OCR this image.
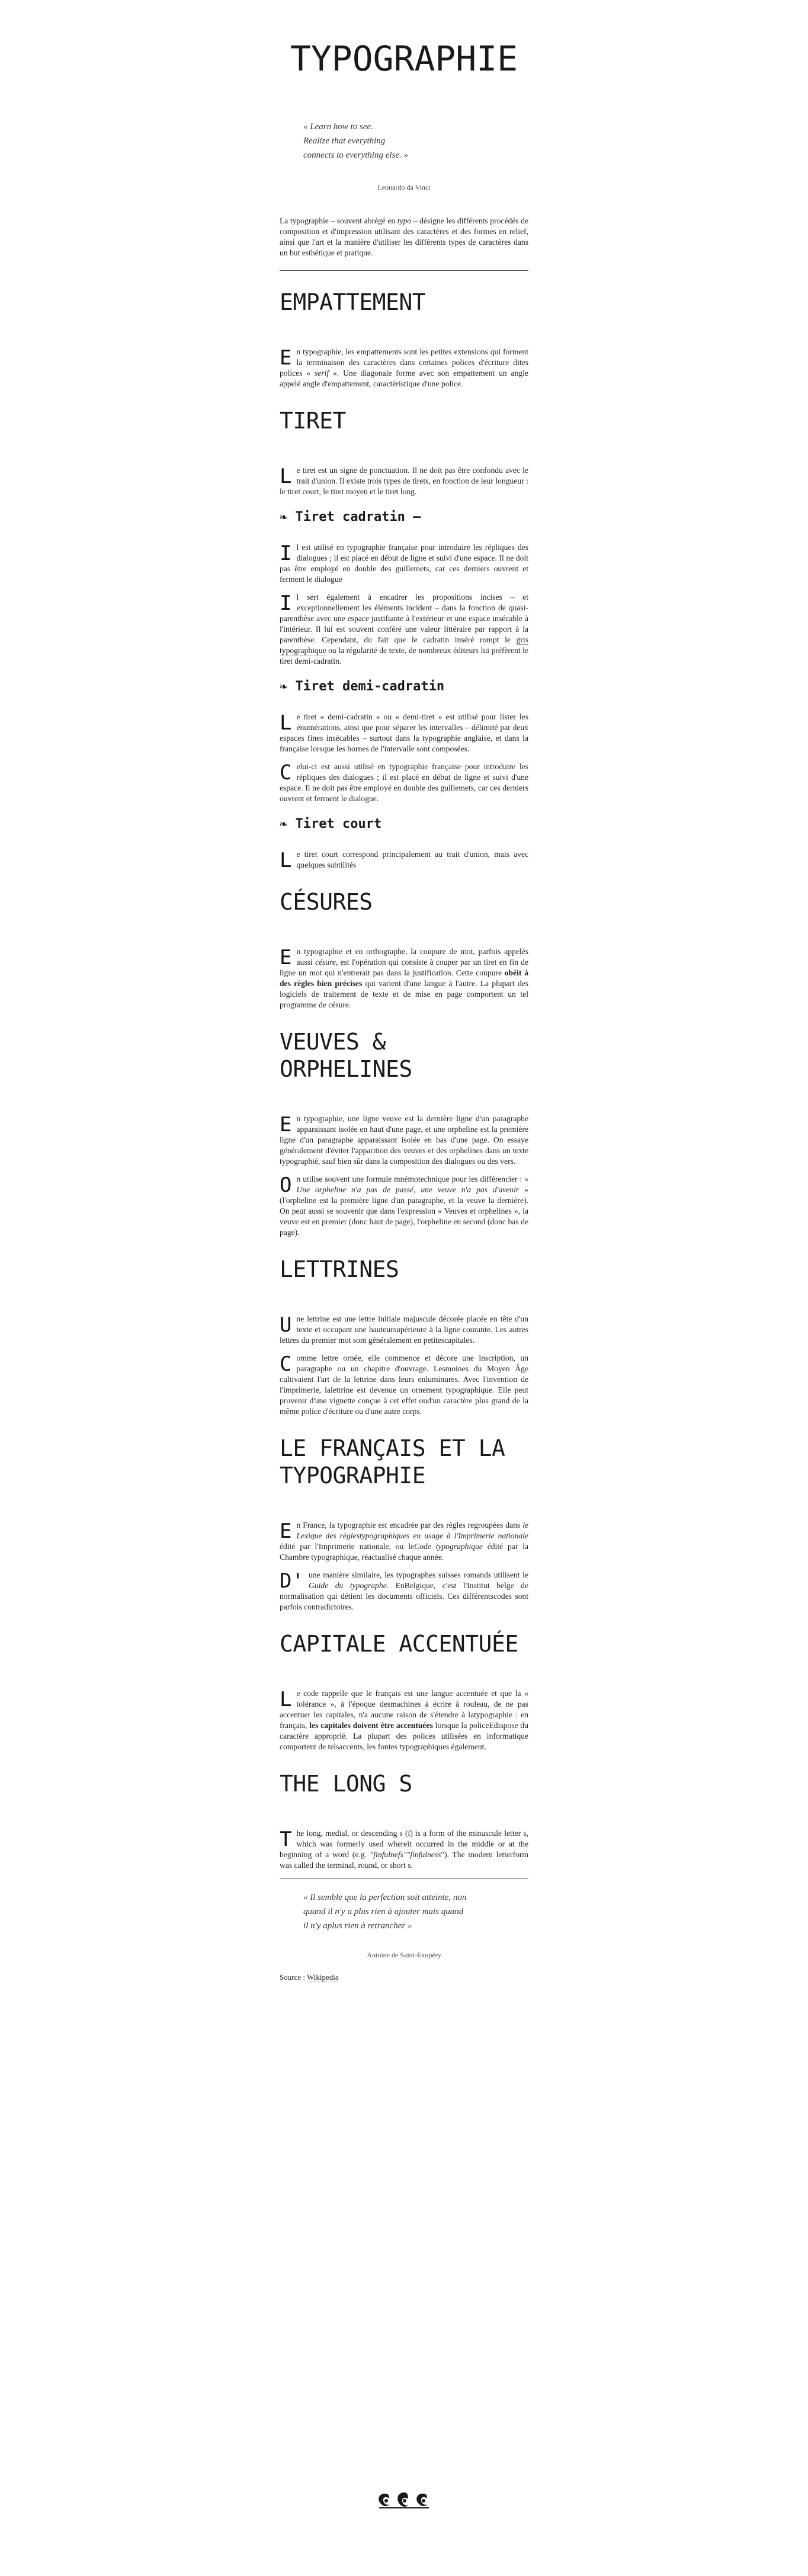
TYPOGRAPHIE
« Learn how to see.
Realize that everything
connects to everything else. »
Leonardo da Vinci

La typographie – souvent abrégé en typo – désigne les différents procédés de composition et d'impression utilisant des caractères et des formes en relief, ainsi que l'art et la manière d'utiliser les différents types de caractères dans un but esthétique et pratique.

EMPATTEMENT

En typographie, les empattements sont les petites extensions qui forment la terminaison des caractères dans certaines polices d'écriture dites polices « serif ». Une diagonale forme avec son empattement un angle appelé angle d'empattement, caractéristique d'une police.

TIRET

Le tiret est un signe de ponctuation. Il ne doit pas être confondu avec le trait d'union. Il existe trois types de tirets, en fonction de leur longueur : le tiret court, le tiret moyen et le tiret long.

❧ Tiret cadratin –

Il est utilisé en typographie française pour introduire les répliques des dialogues ; il est placé en début de ligne et suivi d'une espace. Il ne doit pas être employé en double des guillemets, car ces derniers ouvrent et ferment le dialogue

Il sert également à encadrer les propositions incises – et exceptionnellement les éléments incident – dans la fonction de quasi-parenthèse avec une espace justifiante à l'extérieur et une espace insécable à l'intérieur. Il lui est souvent conféré une valeur littéraire par rapport à la parenthèse. Cependant, du fait que le cadratin inséré rompt le gris typographique ou la régularité de texte, de nombreux éditeurs lui préfèrent le tiret demi-cadratin.

❧ Tiret demi-cadratin

Le tiret « demi-cadratin » ou « demi-tiret » est utilisé pour lister les énumérations, ainsi que pour séparer les intervalles – délimité par deux espaces fines insécables – surtout dans la typographie anglaise, et dans la française lorsque les bornes de l'intervalle sont composées.

Celui-ci est aussi utilisé en typographie française pour introduire les répliques des dialogues ; il est placé en début de ligne et suivi d'une espace. Il ne doit pas être employé en double des guillemets, car ces derniers ouvrent et ferment le dialogue.

❧ Tiret court

Le tiret court correspond principalement au trait d'union, mais avec quelques subtilités

CÉSURES

En typographie et en orthographe, la coupure de mot, parfois appelés aussi césure, est l'opération qui consiste à couper par un tiret en fin de ligne un mot qui n'entrerait pas dans la justification. Cette coupure obéit à des règles bien précises qui varient d'une langue à l'autre. La plupart des logiciels de traitement de texte et de mise en page comportent un tel programme de césure.

VEUVES & ORPHELINES

En typographie, une ligne veuve est la dernière ligne d'un paragraphe apparaissant isolée en haut d'une page, et une orpheline est la première ligne d'un paragraphe apparaissant isolée en bas d'une page. On essaye généralement d'éviter l'apparition des veuves et des orphelines dans un texte typographié, sauf bien sûr dans la composition des dialogues ou des vers.

On utilise souvent une formule mnémotechnique pour les différencier : « Une orpheline n'a pas de passé, une veuve n'a pas d'avenir » (l'orpheline est la première ligne d'un paragraphe, et la veuve la dernière). On peut aussi se souvenir que dans l'expression « Veuves et orphelines », la veuve est en premier (donc haut de page), l'orpheline en second (donc bas de page).

LETTRINES

Une lettrine est une lettre initiale majuscule décorée placée en tête d'un texte et occupant une hauteursupérieure à la ligne courante. Les autres lettres du premier mot sont généralement en petitescapitales.

Comme lettre ornée, elle commence et décore une inscription, un paragraphe ou un chapitre d'ouvrage. Lesmoines du Moyen Âge cultivaient l'art de la lettrine dans leurs enluminures. Avec l'invention de l'imprimerie, lalettrine est devenue un ornement typographique. Elle peut provenir d'une vignette conçue à cet effet oud'un caractère plus grand de la même police d'écriture ou d'une autre corps.

LE FRANÇAIS ET LA TYPOGRAPHIE

En France, la typographie est encadrée par des règles regroupées dans le Lexique des règlestypographiques en usage à l'Imprimerie nationale édité par l'Imprimerie nationale, ou leCode typographique édité par la Chambre typographique, réactualisé chaque année.

D'une manière similaire, les typographes suisses romands utilisent le Guide du typographe. EnBelgique, c'est l'Institut belge de normalisation qui détient les documents officiels. Ces différentscodes sont parfois contradictoires.

CAPITALE ACCENTUÉE

Le code rappelle que le français est une langue accentuée et que la « tolérance », à l'époque desmachines à écrire à rouleau, de ne pas accentuer les capitales, n'a aucune raison de s'étendre à latypographie : en français, les capitales doivent être accentuées lorsque la policeEdispose du caractère approprié. La plupart des polices utilisées en informatique comportent de telsaccents, les fontes typographiques également.

THE LONG S

The long, medial, or descending s (ſ) is a form of the minuscule letter s, which was formerly used whereit occurred in the middle or at the beginning of a word (e.g. "ſinfulneſs""ſinfulness"). The modern letterform was called the terminal, round, or short s.

« Il semble que la perfection soit atteinte, non
quand il n'y a plus rien à ajouter mais quand
il n'y aplus rien à retrancher »
Antoine de Saint-Exupéry
Source : Wikipedia
